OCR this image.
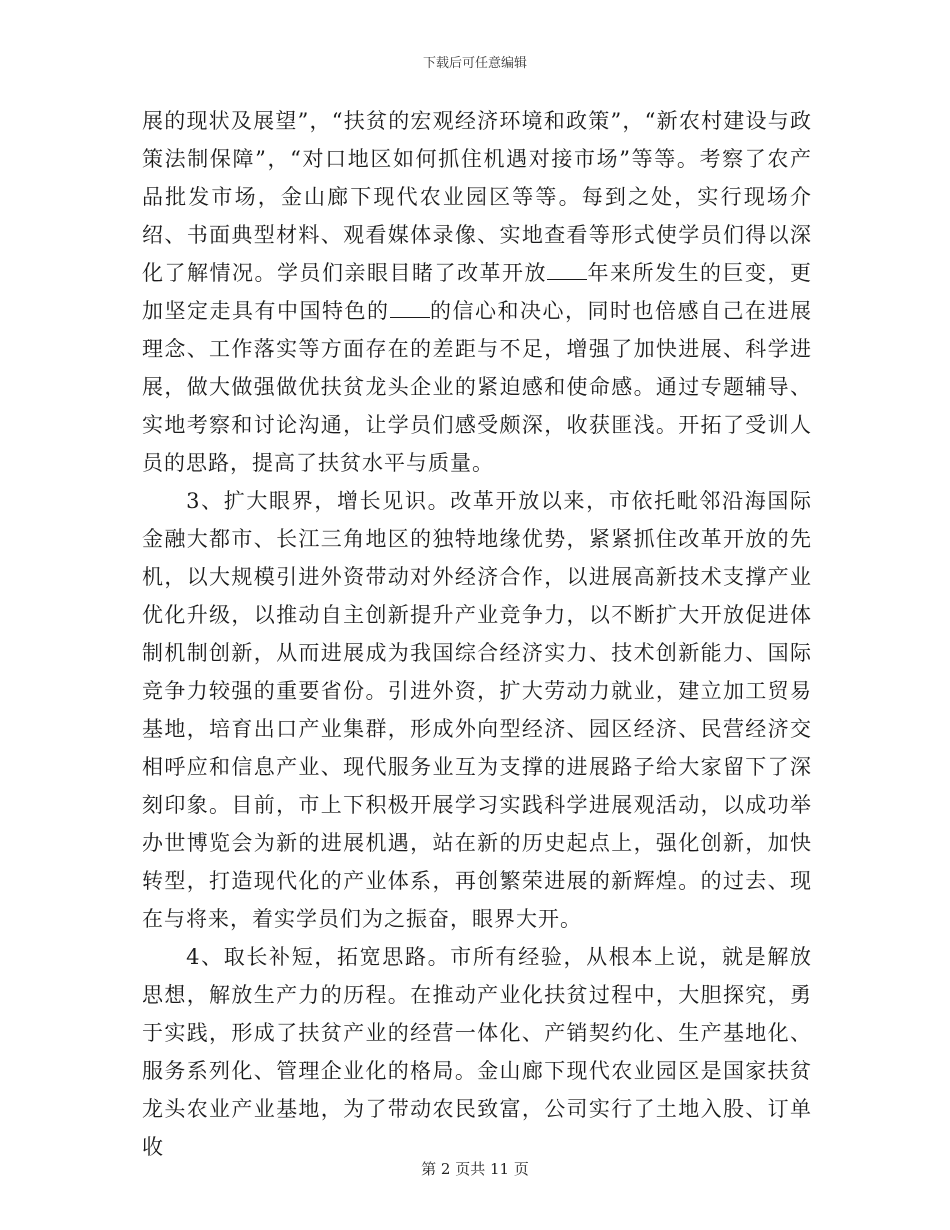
下载后可任意编辑

展的现状及展望”，“扶贫的宏观经济环境和政策”，“新农村建设与政策法制保障”，“对口地区如何抓住机遇对接市场”等等。考察了农产品批发市场，金山廊下现代农业园区等等。每到之处，实行现场介绍、书面典型材料、观看媒体录像、实地查看等形式使学员们得以深化了解情况。学员们亲眼目睹了改革开放 年来所发生的巨变，更加坚定走具有中国特色的 的信心和决心，同时也倍感自己在进展理念、工作落实等方面存在的差距与不足，增强了加快进展、科学进展，做大做强做优扶贫龙头企业的紧迫感和使命感。通过专题辅导、实地考察和讨论沟通，让学员们感受颇深，收获匪浅。开拓了受训人员的思路，提高了扶贫水平与质量。

3、扩大眼界，增长见识。改革开放以来，市依托毗邻沿海国际金融大都市、长江三角地区的独特地缘优势，紧紧抓住改革开放的先机，以大规模引进外资带动对外经济合作，以进展高新技术支撑产业优化升级，以推动自主创新提升产业竞争力，以不断扩大开放促进体制机制创新，从而进展成为我国综合经济实力、技术创新能力、国际竞争力较强的重要省份。引进外资，扩大劳动力就业，建立加工贸易基地，培育出口产业集群，形成外向型经济、园区经济、民营经济交相呼应和信息产业、现代服务业互为支撑的进展路子给大家留下了深刻印象。目前，市上下积极开展学习实践科学进展观活动，以成功举办世博览会为新的进展机遇，站在新的历史起点上，强化创新，加快转型，打造现代化的产业体系，再创繁荣进展的新辉煌。的过去、现在与将来，着实学员们为之振奋，眼界大开。

4、取长补短，拓宽思路。市所有经验，从根本上说，就是解放思想，解放生产力的历程。在推动产业化扶贫过程中，大胆探究，勇于实践，形成了扶贫产业的经营一体化、产销契约化、生产基地化、服务系列化、管理企业化的格局。金山廊下现代农业园区是国家扶贫龙头农业产业基地，为了带动农民致富，公司实行了土地入股、订单收

第 2 页共 11 页
